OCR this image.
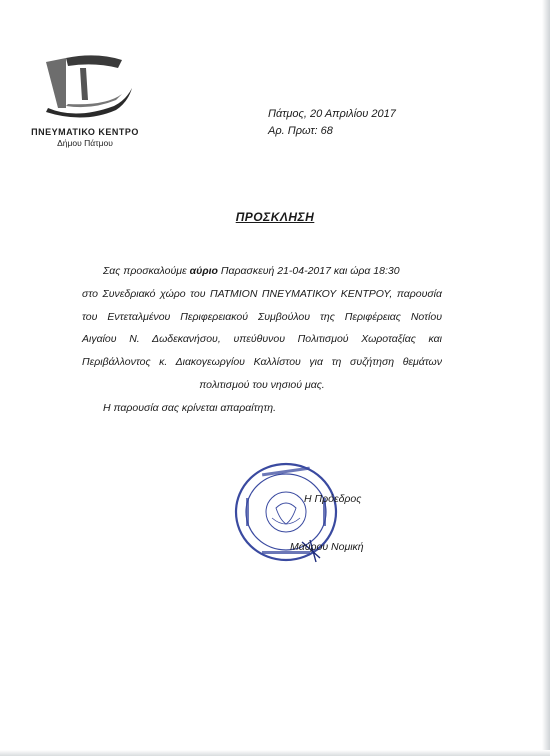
ΠΝΕΥΜΑΤΙΚΟ ΚΕΝΤΡΟ
Δήμου Πάτμου
Πάτμος, 20 Απριλίου 2017
Αρ. Πρωτ: 68
ΠΡΟΣΚΛΗΣΗ
Σας προσκαλούμε αύριο Παρασκευή 21-04-2017 και ώρα 18:30
στο Συνεδριακό χώρο του ΠΑΤΜΙΟΝ ΠΝΕΥΜΑΤΙΚΟΥ ΚΕΝΤΡΟΥ, παρουσία
του Εντεταλμένου Περιφερειακού Συμβούλου της Περιφέρειας Νοτίου
Αιγαίου Ν. Δωδεκανήσου, υπεύθυνου Πολιτισμού Χωροταξίας και
Περιβάλλοντος κ. Διακογεωργίου Καλλίστου για τη συζήτηση θεμάτων
πολιτισμού του νησιού μας.
Η παρουσία σας κρίνεται απαραίτητη.
Η Πρόεδρος
Μαύρου Νομική
